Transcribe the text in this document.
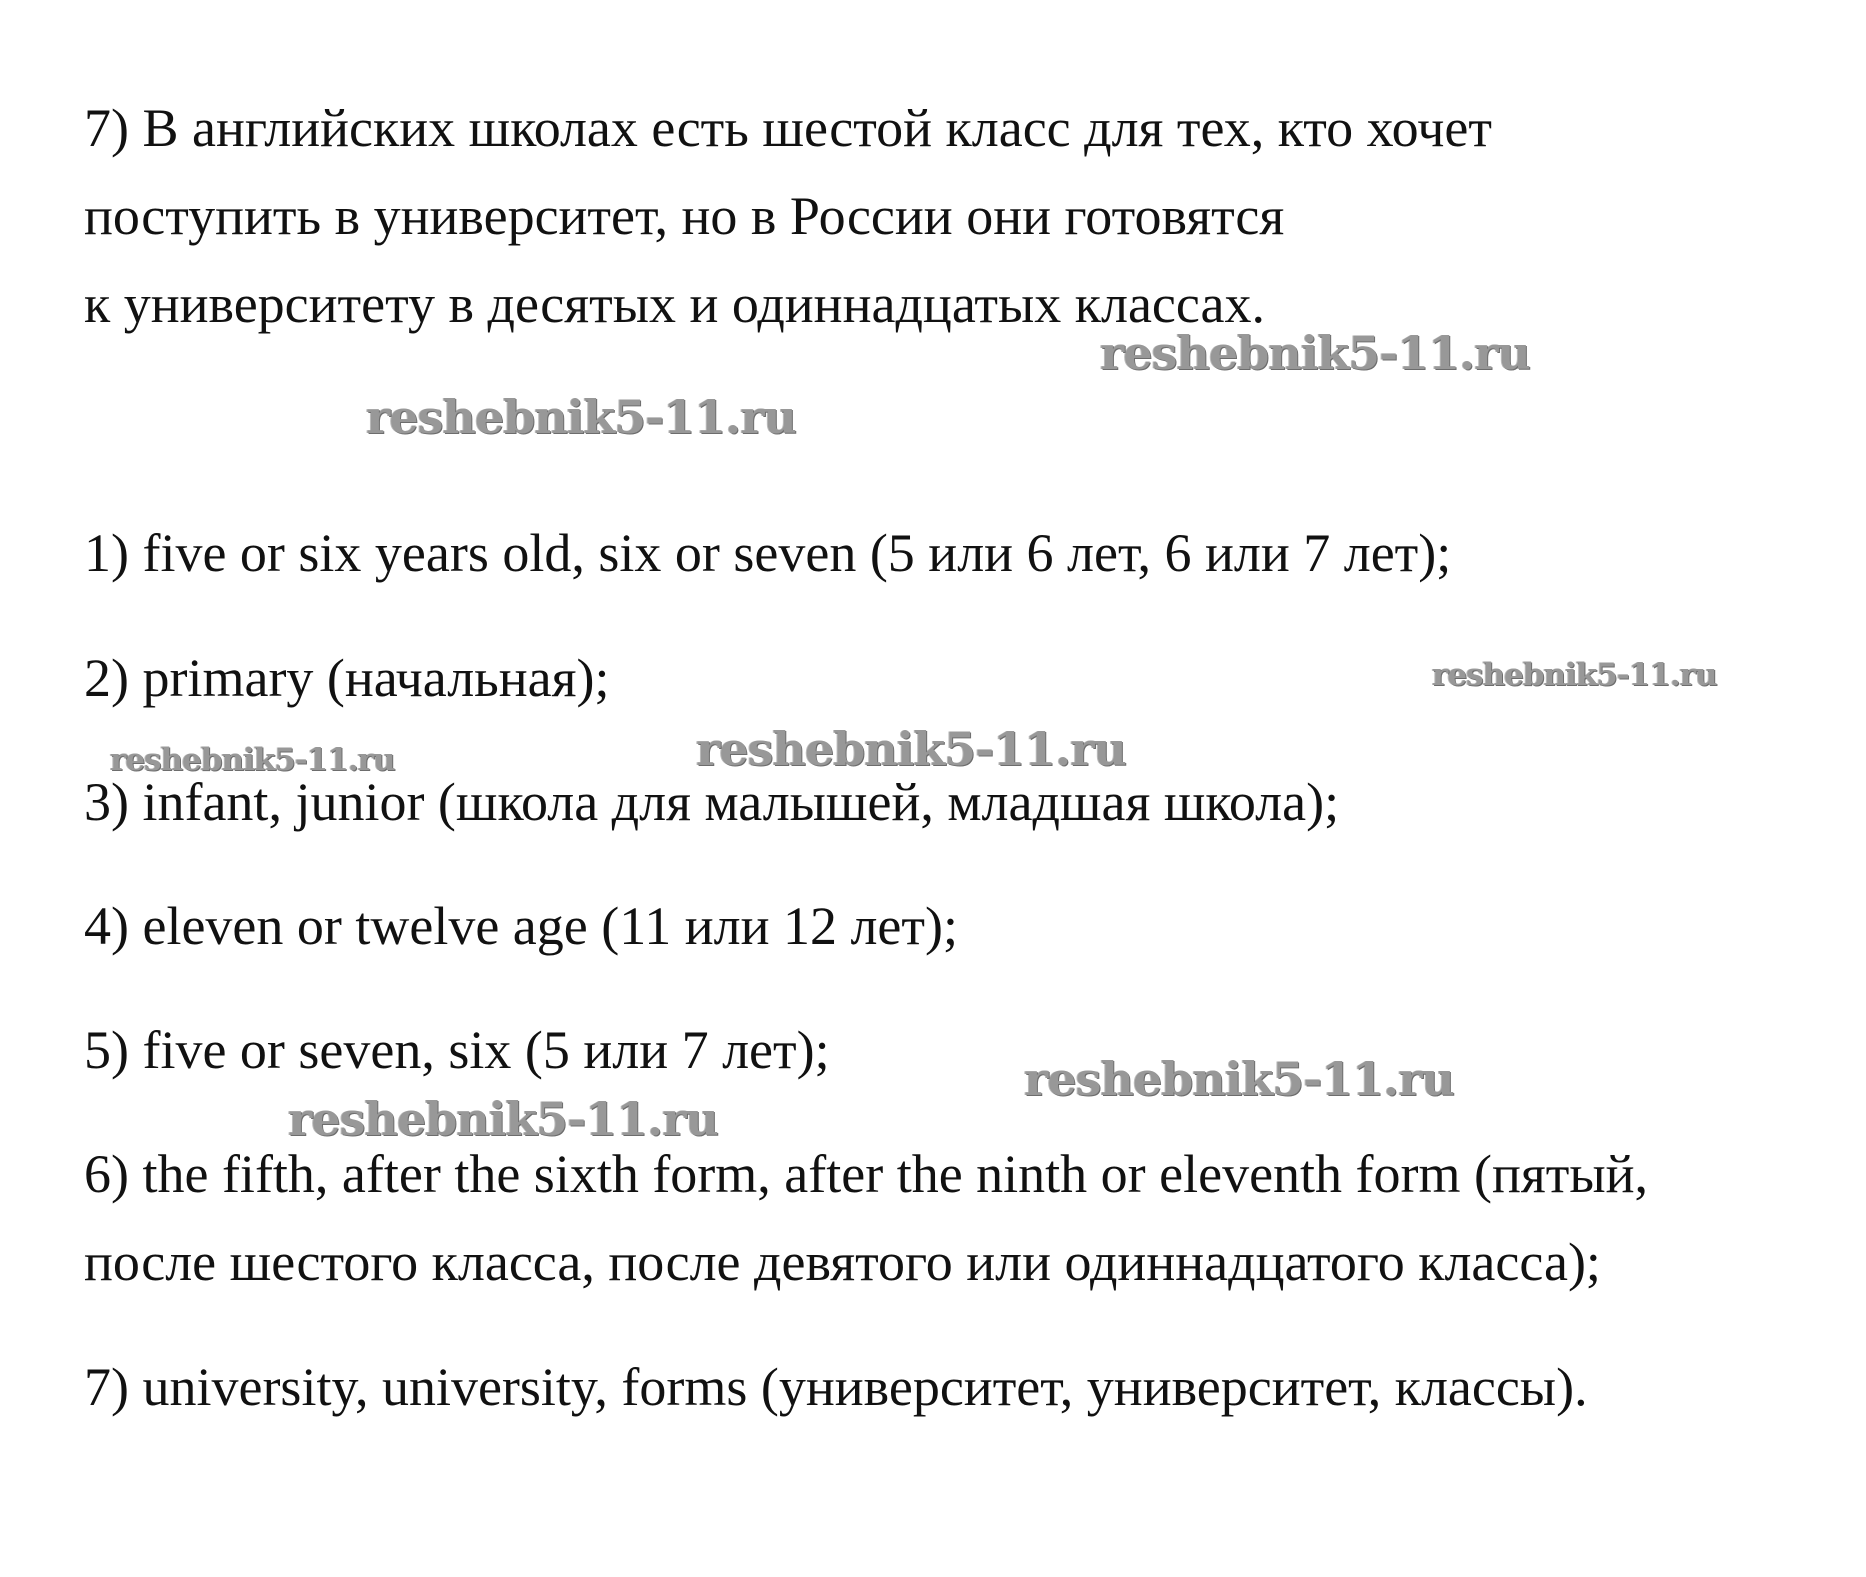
7) В английских школах есть шестой класс для тех, кто хочет
поступить в университет, но в России они готовятся
к университету в десятых и одиннадцатых классах.
1) five or six years old, six or seven (5 или 6 лет, 6 или 7 лет);
2) primary (начальная);
3) infant, junior (школа для малышей, младшая школа);
4) eleven or twelve age (11 или 12 лет);
5) five or seven, six (5 или 7 лет);
6) the fifth, after the sixth form, after the ninth or eleventh form (пятый,
после шестого класса, после девятого или одиннадцатого класса);
7) university, university, forms (университет, университет, классы).
reshebnik5-11.ru
reshebnik5-11.ru
reshebnik5-11.ru
reshebnik5-11.ru
reshebnik5-11.ru
reshebnik5-11.ru
reshebnik5-11.ru
